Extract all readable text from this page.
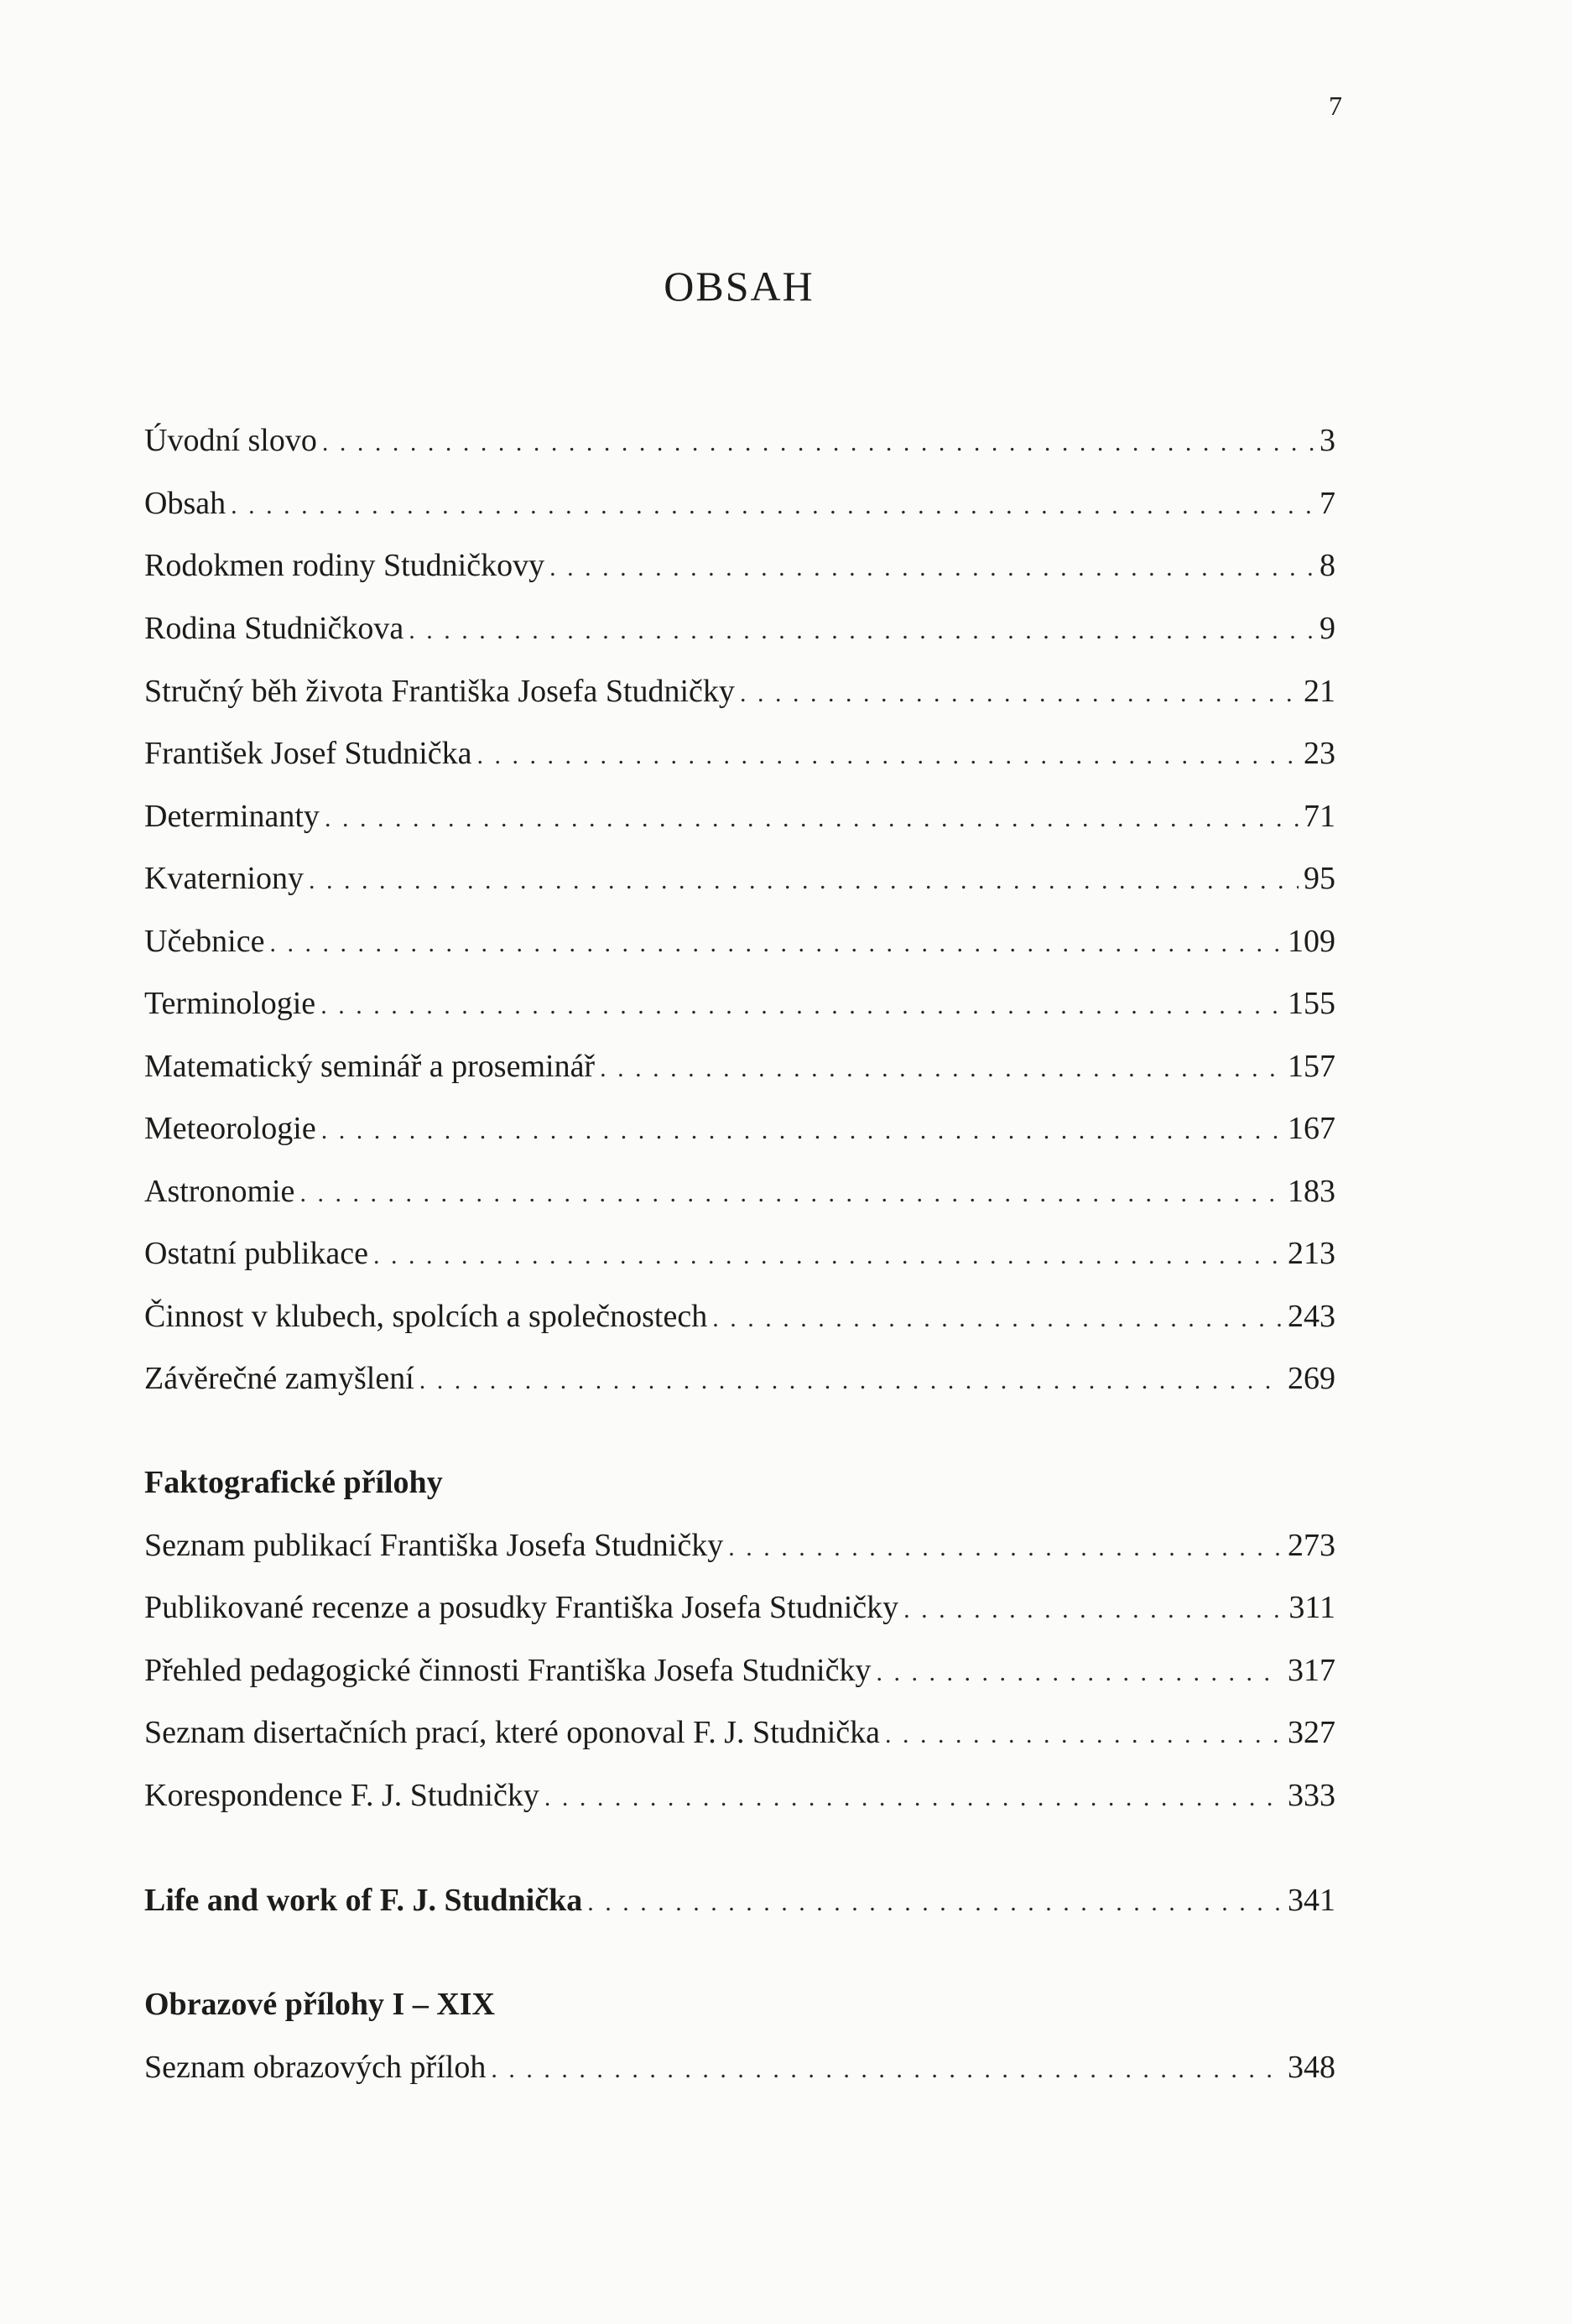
7
OBSAH
Úvodní slovo . . .	3
Obsah . . .	7
Rodokmen rodiny Studničkovy . . .	8
Rodina Studničkova . . .	9
Stručný běh života Františka Josefa Studničky . . .	21
František Josef Studnička . . .	23
Determinanty . . .	71
Kvaterniony . . .	95
Učebnice . . .	109
Terminologie . . .	155
Matematický seminář a proseminář . . .	157
Meteorologie . . .	167
Astronomie . . .	183
Ostatní publikace . . .	213
Činnost v klubech, spolcích a společnostech . . .	243
Závěrečné zamyšlení . . .	269
Faktografické přílohy
Seznam publikací Františka Josefa Studničky . . .	273
Publikované recenze a posudky Františka Josefa Studničky . . .	311
Přehled pedagogické činnosti Františka Josefa Studničky . . .	317
Seznam disertačních prací, které oponoval F. J. Studnička . . .	327
Korespondence F. J. Studničky . . .	333
Life and work of F. J. Studnička . . .	341
Obrazové přílohy I – XIX
Seznam obrazových příloh . . .	348
